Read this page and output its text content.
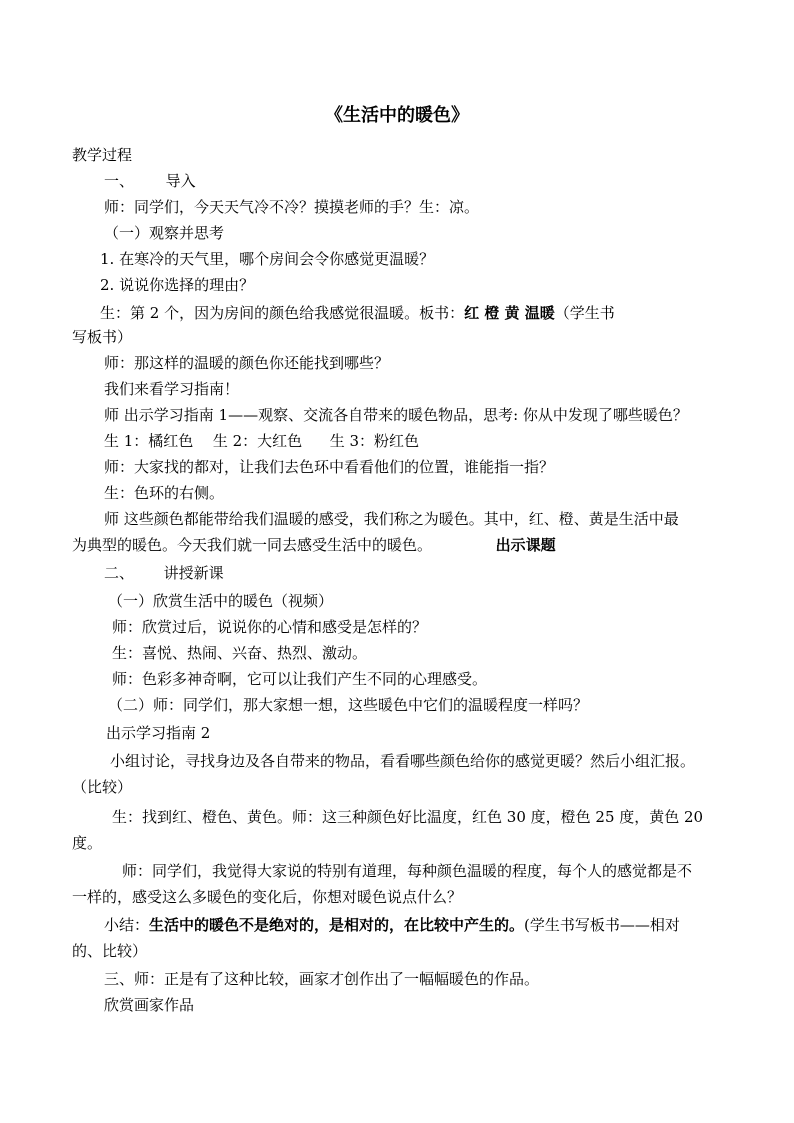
《生活中的暖色》
教学过程
一、 导入
师：同学们，今天天气冷不冷？摸摸老师的手？生：凉。
（一）观察并思考
1. 在寒冷的天气里，哪个房间会令你感觉更温暖？
2. 说说你选择的理由？
生：第 2 个，因为房间的颜色给我感觉很温暖。板书：红 橙 黄 温暖（学生书
写板书）
师：那这样的温暖的颜色你还能找到哪些？
我们来看学习指南！
师 出示学习指南 1——观察、交流各自带来的暖色物品，思考: 你从中发现了哪些暖色？
生 1：橘红色 生 2：大红色 生 3：粉红色
师：大家找的都对，让我们去色环中看看他们的位置，谁能指一指？
生：色环的右侧。
师 这些颜色都能带给我们温暖的感受，我们称之为暖色。其中，红、橙、黄是生活中最
为典型的暖色。今天我们就一同去感受生活中的暖色。	出示课题
二、 讲授新课
（一）欣赏生活中的暖色（视频）
师：欣赏过后，说说你的心情和感受是怎样的？
生：喜悦、热闹、兴奋、热烈、激动。
师：色彩多神奇啊，它可以让我们产生不同的心理感受。
（二）师：同学们，那大家想一想，这些暖色中它们的温暖程度一样吗？
出示学习指南 2
小组讨论，寻找身边及各自带来的物品，看看哪些颜色给你的感觉更暖？然后小组汇报。
（比较）
生：找到红、橙色、黄色。师：这三种颜色好比温度，红色 30 度，橙色 25 度，黄色 20
度。
师：同学们，我觉得大家说的特别有道理，每种颜色温暖的程度，每个人的感觉都是不
一样的，感受这么多暖色的变化后，你想对暖色说点什么？
小结：生活中的暖色不是绝对的，是相对的，在比较中产生的。(学生书写板书——相对
的、比较）
三、师：正是有了这种比较，画家才创作出了一幅幅暖色的作品。
欣赏画家作品
